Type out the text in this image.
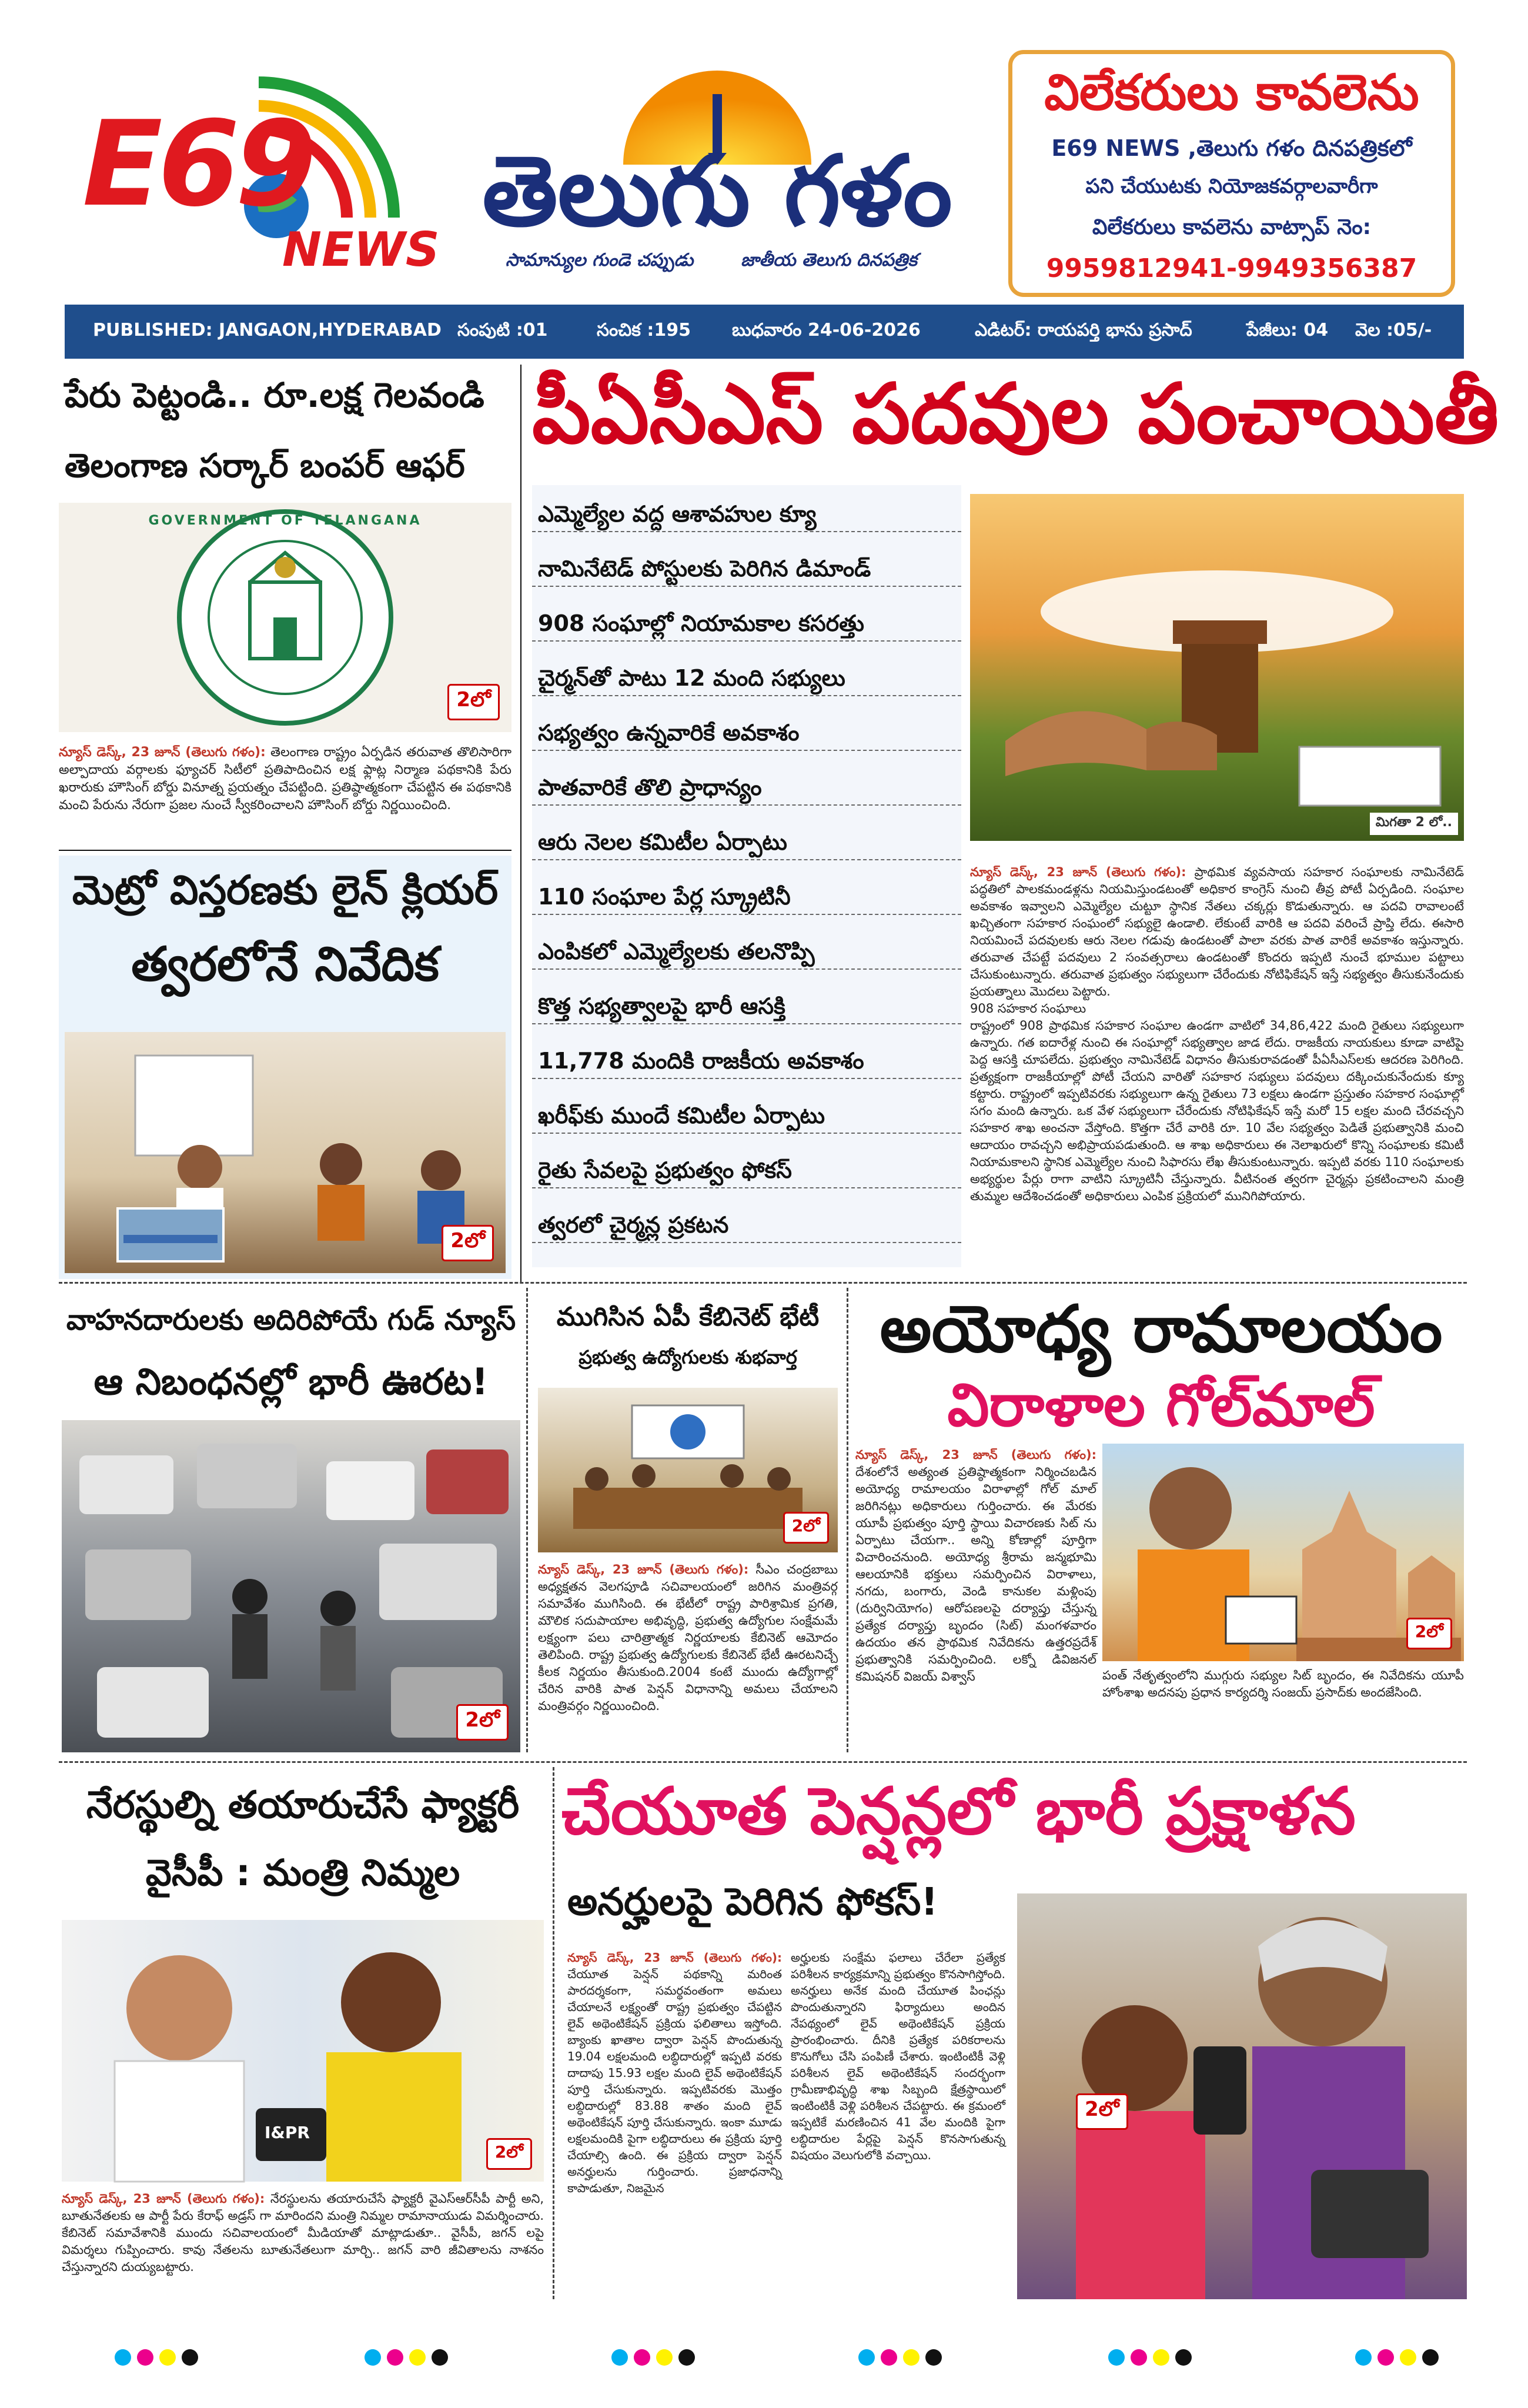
E69
NEWS
తెలుగు గళం
సామాన్యుల గుండె చప్పుడు	జాతీయ తెలుగు దినపత్రిక
విలేకరులు కావలెను
E69 NEWS ,తెలుగు గళం దినపత్రికలో
పని చేయుటకు నియోజకవర్గాలవారీగా
విలేకరులు కావలెను వాట్సాప్ నెం:
9959812941-9949356387
PUBLISHED: JANGAON,HYDERABAD సంపుటి :01	సంచిక :195 బుధవారం 24-06-2026	ఎడిటర్: రాయపర్తి భాను ప్రసాద్	పేజీలు: 04 వెల :05/-
పేరు పెట్టండి.. రూ.లక్ష గెలవండి
తెలంగాణ సర్కార్ బంపర్ ఆఫర్
GOVERNMENT OF TELANGANA
2లో
న్యూస్ డెస్క్, 23 జూన్ (తెలుగు గళం): తెలంగాణ రాష్ట్రం ఏర్పడిన తరువాత తొలిసారిగా అల్పాదాయ వర్గాలకు ఫ్యూచర్ సిటీలో ప్రతిపాదించిన లక్ష ఫ్లాట్ల నిర్మాణ పథకానికి పేరు ఖరారుకు హౌసింగ్ బోర్డు వినూత్న ప్రయత్నం చేపట్టింది. ప్రతిష్ఠాత్మకంగా చేపట్టిన ఈ పథకానికి మంచి పేరును నేరుగా ప్రజల నుంచే స్వీకరించాలని హౌసింగ్ బోర్డు నిర్ణయించింది.
పీఏసీఎస్ పదవుల పంచాయితీ
ఎమ్మెల్యేల వద్ద ఆశావహుల క్యూ
నామినేటెడ్ పోస్టులకు పెరిగిన డిమాండ్
908 సంఘాల్లో నియామకాల కసరత్తు
చైర్మన్‌తో పాటు 12 మంది సభ్యులు
సభ్యత్వం ఉన్నవారికే అవకాశం
పాతవారికే తొలి ప్రాధాన్యం
ఆరు నెలల కమిటీల ఏర్పాటు
110 సంఘాల పేర్ల స్క్రూటినీ
ఎంపికలో ఎమ్మెల్యేలకు తలనొప్పి
కొత్త సభ్యత్వాలపై భారీ ఆసక్తి
11,778 మందికి రాజకీయ అవకాశం
ఖరీఫ్‌కు ముందే కమిటీల ఏర్పాటు
రైతు సేవలపై ప్రభుత్వం ఫోకస్
త్వరలో చైర్మన్ల ప్రకటన
మిగతా 2 లో..

న్యూస్ డెస్క్, 23 జూన్ (తెలుగు గళం): ప్రాథమిక వ్యవసాయ సహకార సంఘాలకు నామినేటెడ్ పద్ధతిలో పాలకమండళ్లను నియమిస్తుండటంతో అధికార కాంగ్రెస్ నుంచి తీవ్ర పోటీ ఏర్పడింది. సంఘాల అవకాశం ఇవ్వాలని ఎమ్మెల్యేల చుట్టూ స్థానిక నేతలు చక్కర్లు కొడుతున్నారు. ఆ పదవి రావాలంటే ఖచ్చితంగా సహకార సంఘంలో సభ్యులై ఉండాలి. లేకుంటే వారికి ఆ పదవి వరించే ప్రాప్తి లేదు. ఈసారి నియమించే పదవులకు ఆరు నెలల గడువు ఉండటంతో పాలా వరకు పాత వారికే అవకాశం ఇస్తున్నారు. తరువాత చేపట్టే పదవులు 2 సంవత్సరాలు ఉండటంతో కొందరు ఇప్పటి నుంచే భూముల పట్టాలు చేసుకుంటున్నారు. తరువాత ప్రభుత్వం సభ్యులుగా చేరేందుకు నోటిఫికేషన్ ఇస్తే సభ్యత్వం తీసుకునేందుకు ప్రయత్నాలు మొదలు పెట్టారు.
908 సహకార సంఘాలు
రాష్ట్రంలో 908 ప్రాథమిక సహకార సంఘాల ఉండగా వాటిలో 34,86,422 మంది రైతులు సభ్యులుగా ఉన్నారు. గత ఐదారేళ్ల నుంచి ఈ సంఘాల్లో సభ్యత్వాల జాడ లేదు. రాజకీయ నాయకులు కూడా వాటిపై పెద్ద ఆసక్తి చూపలేదు. ప్రభుత్వం నామినేటెడ్ విధానం తీసుకురావడంతో పీఏసీఎస్‌లకు ఆదరణ పెరిగింది. ప్రత్యక్షంగా రాజకీయాల్లో పోటీ చేయని వారితో సహకార సభ్యులు పదవులు దక్కించుకునేందుకు క్యూ కట్టారు. రాష్ట్రంలో ఇప్పటివరకు సభ్యులుగా ఉన్న రైతులు 73 లక్షలు ఉండగా ప్రస్తుతం సహకార సంఘాల్లో సగం మంది ఉన్నారు. ఒక వేళ సభ్యులుగా చేరేందుకు నోటిఫికేషన్ ఇస్తే మరో 15 లక్షల మంది చేరవచ్చని సహకార శాఖ అంచనా వేస్తోంది. కొత్తగా చేరే వారికి రూ. 10 వేల సభ్యత్వం పెడితే ప్రభుత్వానికి మంచి ఆదాయం రావచ్చని అభిప్రాయపడుతుంది. ఆ శాఖ అధికారులు ఈ నెలాఖరులో కొన్ని సంఘాలకు కమిటీ నియామకాలని స్థానిక ఎమ్మెల్యేల నుంచి సిఫారసు లేఖ తీసుకుంటున్నారు. ఇప్పటి వరకు 110 సంఘాలకు అభ్యర్థుల పేర్లు రాగా వాటిని స్క్రూటినీ చేస్తున్నారు. వీటినంత త్వరగా చైర్మన్లు ప్రకటించాలని మంత్రి తుమ్మల ఆదేశించడంతో అధికారులు ఎంపిక ప్రక్రియలో మునిగిపోయారు.

మెట్రో విస్తరణకు లైన్ క్లియర్
త్వరలోనే నివేదిక
2లో
వాహనదారులకు అదిరిపోయే గుడ్ న్యూస్
ఆ నిబంధనల్లో భారీ ఊరట!
2లో
ముగిసిన ఏపీ కేబినెట్ భేటీ
ప్రభుత్వ ఉద్యోగులకు శుభవార్త
2లో
న్యూస్ డెస్క్, 23 జూన్ (తెలుగు గళం): సీఎం చంద్రబాబు అధ్యక్షతన వెలగపూడి సచివాలయంలో జరిగిన మంత్రివర్గ సమావేశం ముగిసింది. ఈ భేటీలో రాష్ట్ర పారిశ్రామిక ప్రగతి, మౌలిక సదుపాయాల అభివృద్ధి, ప్రభుత్వ ఉద్యోగుల సంక్షేమమే లక్ష్యంగా పలు చారిత్రాత్మక నిర్ణయాలకు కేబినెట్ ఆమోదం తెలిపింది. రాష్ట్ర ప్రభుత్వ ఉద్యోగులకు కేబినెట్ భేటీ ఊరటనిచ్చే కీలక నిర్ణయం తీసుకుంది.2004 కంటే ముందు ఉద్యోగాల్లో చేరిన వారికి పాత పెన్షన్ విధానాన్ని అమలు చేయాలని మంత్రివర్గం నిర్ణయించింది.
అయోధ్య రామాలయం
విరాళాల గోల్‌మాల్
న్యూస్ డెస్క్, 23 జూన్ (తెలుగు గళం): దేశంలోనే అత్యంత ప్రతిష్ఠాత్మకంగా నిర్మించబడిన అయోధ్య రామాలయం విరాళాల్లో గోల్ మాల్ జరిగినట్లు అధికారులు గుర్తించారు. ఈ మేరకు యూపీ ప్రభుత్వం పూర్తి స్థాయి విచారణకు సిట్ ను ఏర్పాటు చేయగా.. అన్ని కోణాల్లో పూర్తిగా విచారించనుంది. అయోధ్య శ్రీరామ జన్మభూమి ఆలయానికి భక్తులు సమర్పించిన విరాళాలు, నగదు, బంగారు, వెండి కానుకల మళ్లింపు (దుర్వినియోగం) ఆరోపణలపై దర్యాప్తు చేస్తున్న ప్రత్యేక దర్యాప్తు బృందం (సిట్) మంగళవారం ఉదయం తన ప్రాథమిక నివేదికను ఉత్తరప్రదేశ్ ప్రభుత్వానికి సమర్పించింది. లక్నో డివిజనల్ కమిషనర్ విజయ్ విశ్వాస్
2లో
పంత్ నేతృత్వంలోని ముగ్గురు సభ్యుల సిట్ బృందం, ఈ నివేదికను యూపీ హోంశాఖ అదనపు ప్రధాన కార్యదర్శి సంజయ్ ప్రసాద్‌కు అందజేసింది.
నేరస్థుల్ని తయారుచేసే ఫ్యాక్టరీ
వైసీపీ : మంత్రి నిమ్మల
I&PR
2లో
న్యూస్ డెస్క్, 23 జూన్ (తెలుగు గళం): నేరస్థులను తయారుచేసే ఫ్యాక్టరీ వైఎస్ఆర్‌సీపీ పార్టీ అని, బూతునేతలకు ఆ పార్టీ పేరు కేరాఫ్ అడ్రస్ గా మారిందని మంత్రి నిమ్మల రామానాయుడు విమర్శించారు. కేబినెట్ సమావేశానికి ముందు సచివాలయంలో మీడియాతో మాట్లాడుతూ.. వైసీపీ, జగన్ లపై విమర్శలు గుప్పించారు. కావు నేతలను బూతునేతలుగా మార్చి.. జగన్ వారి జీవితాలను నాశనం చేస్తున్నారని దుయ్యబట్టారు.
చేయూత పెన్షన్లలో భారీ ప్రక్షాళన
అనర్హులపై పెరిగిన ఫోకస్!
న్యూస్ డెస్క్, 23 జూన్ (తెలుగు గళం): చేయూత పెన్షన్ పథకాన్ని మరింత పారదర్శకంగా, సమర్థవంతంగా అమలు చేయాలనే లక్ష్యంతో రాష్ట్ర ప్రభుత్వం చేపట్టిన లైవ్ అథెంటికేషన్ ప్రక్రియ ఫలితాలు ఇస్తోంది. బ్యాంకు ఖాతాల ద్వారా పెన్షన్ పొందుతున్న 19.04 లక్షలమంది లబ్ధిదారుల్లో ఇప్పటి వరకు దాదాపు 15.93 లక్షల మంది లైవ్ అథెంటికేషన్ పూర్తి చేసుకున్నారు. ఇప్పటివరకు మొత్తం లబ్ధిదారుల్లో 83.88 శాతం మంది లైవ్ అథెంటికేషన్ పూర్తి చేసుకున్నారు. ఇంకా మూడు లక్షలమందికి పైగా లబ్ధిదారులు ఈ ప్రక్రియ పూర్తి చేయాల్సి ఉంది. ఈ ప్రక్రియ ద్వారా పెన్షన్ అనర్హులను గుర్తించారు. ప్రజాధనాన్ని కాపాడుతూ, నిజమైన
అర్హులకు సంక్షేమ ఫలాలు చేరేలా ప్రత్యేక పరిశీలన కార్యక్రమాన్ని ప్రభుత్వం కొనసాగిస్తోంది. అనర్హులు అనేక మంది చేయూత పింఛన్లు పొందుతున్నారని ఫిర్యాదులు అందిన నేపథ్యంలో లైవ్ అథెంటికేషన్ ప్రక్రియ ప్రారంభించారు. దీనికి ప్రత్యేక పరికరాలను కొనుగోలు చేసి పంపిణీ చేశారు. ఇంటింటికీ వెళ్లి పరిశీలన లైవ్ అథెంటికేషన్ సందర్భంగా గ్రామీణాభివృద్ధి శాఖ సిబ్బంది క్షేత్రస్థాయిలో ఇంటింటికీ వెళ్లి పరిశీలన చేపట్టారు. ఈ క్రమంలో ఇప్పటికే మరణించిన 41 వేల మందికి పైగా లబ్ధిదారుల పేర్లపై పెన్షన్ కొనసాగుతున్న విషయం వెలుగులోకి వచ్చాయి.
2లో
